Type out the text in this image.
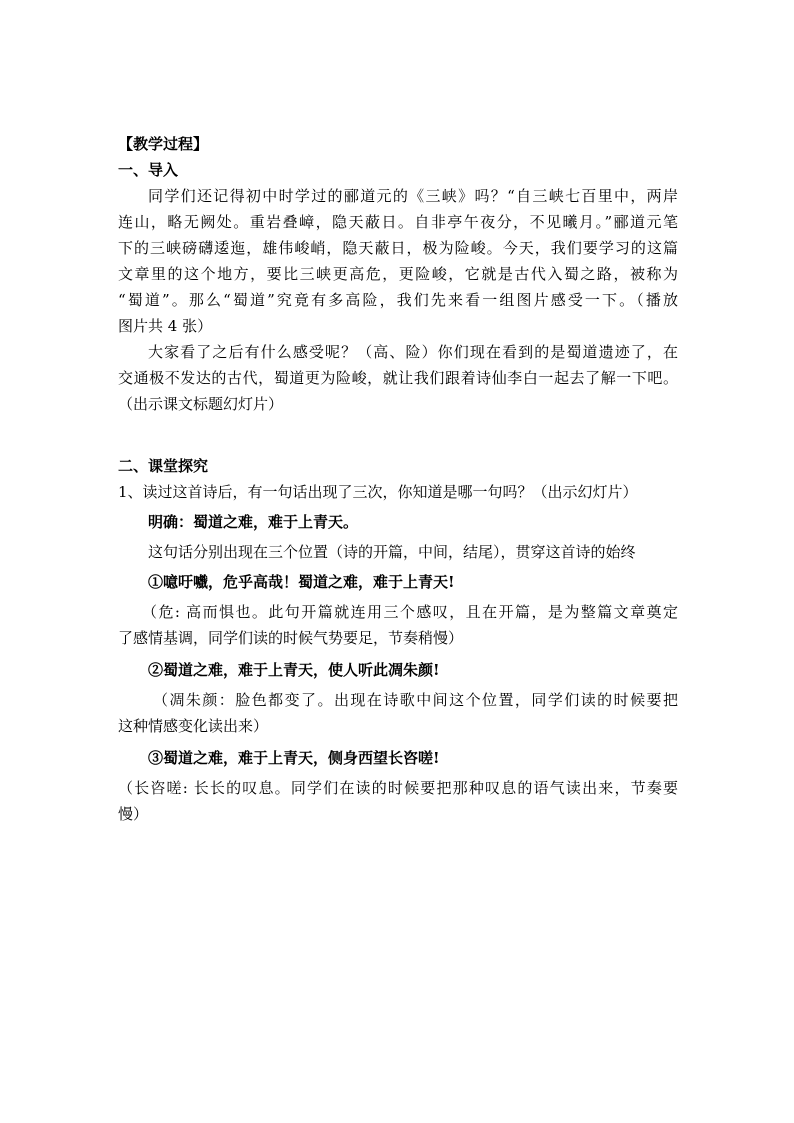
【教学过程】

一、导入

同学们还记得初中时学过的郦道元的《三峡》吗？“自三峡七百里中，两岸

连山，略无阙处。重岩叠嶂，隐天蔽日。自非亭午夜分，不见曦月。”郦道元笔

下的三峡磅礴逶迤，雄伟峻峭，隐天蔽日，极为险峻。今天，我们要学习的这篇

文章里的这个地方，要比三峡更高危，更险峻，它就是古代入蜀之路，被称为

“蜀道”。那么“蜀道”究竟有多高险，我们先来看一组图片感受一下。（播放

图片共 4 张）

大家看了之后有什么感受呢？（高、险）你们现在看到的是蜀道遗迹了，在

交通极不发达的古代，蜀道更为险峻，就让我们跟着诗仙李白一起去了解一下吧。

（出示课文标题幻灯片）

二、课堂探究

1、读过这首诗后，有一句话出现了三次，你知道是哪一句吗？（出示幻灯片）

明确：蜀道之难，难于上青天。

这句话分别出现在三个位置（诗的开篇，中间，结尾），贯穿这首诗的始终

①噫吁嚱，危乎高哉！蜀道之难，难于上青天!

（危: 高而惧也。此句开篇就连用三个感叹，且在开篇，是为整篇文章奠定

了感情基调，同学们读的时候气势要足，节奏稍慢）

②蜀道之难，难于上青天，使人听此凋朱颜!

（凋朱颜：脸色都变了。出现在诗歌中间这个位置，同学们读的时候要把

这种情感变化读出来）

③蜀道之难，难于上青天，侧身西望长咨嗟!

（长咨嗟: 长长的叹息。同学们在读的时候要把那种叹息的语气读出来，节奏要

慢）
